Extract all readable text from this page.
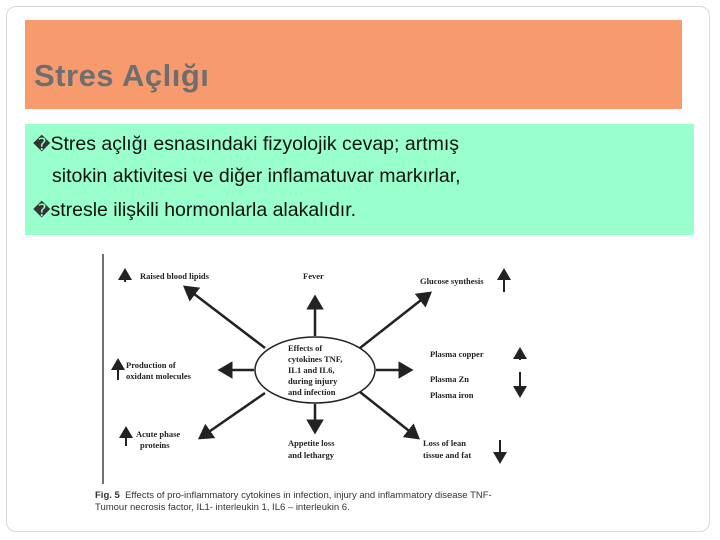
Stres Açlığı
�Stres açlığı esnasındaki fizyolojik cevap; artmış
sitokin aktivitesi ve diğer inflamatuvar markırlar,
�stresle ilişkili hormonlarla alakalıdır.
Effects of
cytokines TNF,
IL1 and IL6,
during injury
and infection
Raised blood lipids	Fever	Glucose synthesis
Production of
oxidant molecules
Plasma copper
Plasma Zn
Plasma iron
Acute phase
proteins	Appetite loss
and lethargy
Loss of lean
tissue and fat
Fig. 5 Effects of pro-inflammatory cytokines in infection, injury and inflammatory disease TNF-
Tumour necrosis factor, IL1- interleukin 1, IL6 – interleukin 6.
